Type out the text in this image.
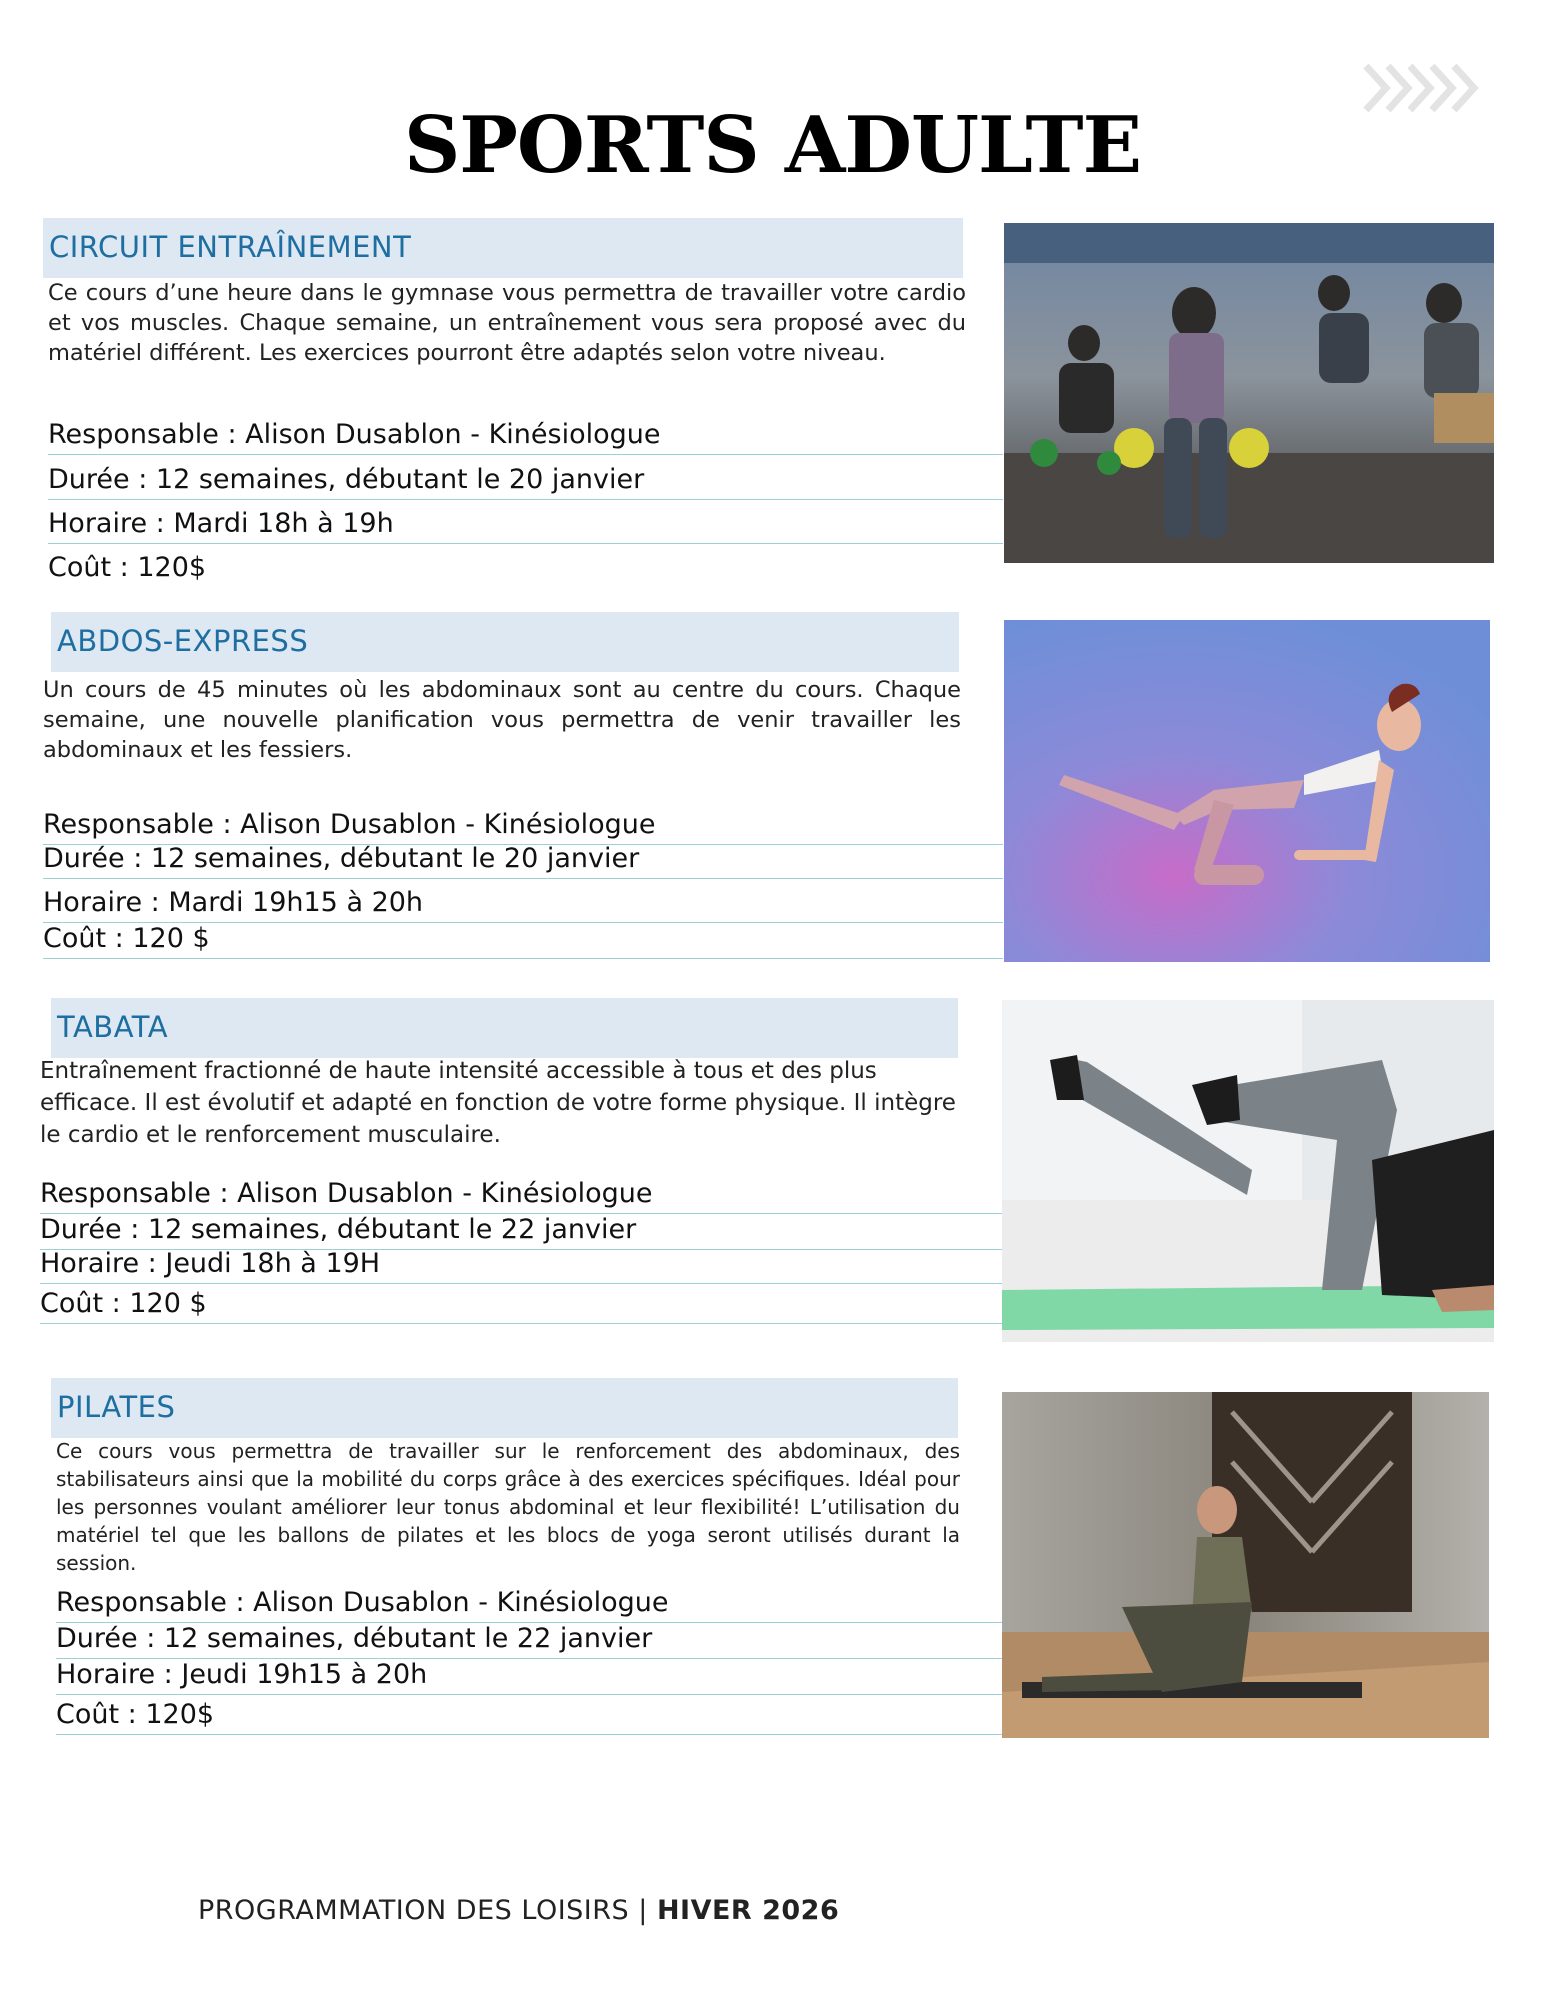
SPORTS ADULTE
CIRCUIT ENTRAÎNEMENT
Ce cours d’une heure dans le gymnase vous permettra de travailler votre cardio et vos muscles. Chaque semaine, un entraînement vous sera proposé avec du matériel différent. Les exercices pourront être adaptés selon votre niveau.
Responsable : Alison Dusablon - Kinésiologue
Durée : 12 semaines, débutant le 20 janvier
Horaire : Mardi 18h à 19h
Coût : 120$
ABDOS-EXPRESS
Un cours de 45 minutes où les abdominaux sont au centre du cours. Chaque semaine, une nouvelle planification vous permettra de venir travailler les abdominaux et les fessiers.
Responsable : Alison Dusablon - Kinésiologue
Durée : 12 semaines, débutant le 20 janvier
Horaire : Mardi 19h15 à 20h
Coût : 120 $
TABATA
Entraînement fractionné de haute intensité accessible à tous et des plus efficace. Il est évolutif et adapté en fonction de votre forme physique. Il intègre le cardio et le renforcement musculaire.
Responsable : Alison Dusablon - Kinésiologue
Durée : 12 semaines, débutant le 22 janvier
Horaire : Jeudi 18h à 19H
Coût : 120 $
PILATES
Ce cours vous permettra de travailler sur le renforcement des abdominaux, des stabilisateurs ainsi que la mobilité du corps grâce à des exercices spécifiques. Idéal pour les personnes voulant améliorer leur tonus abdominal et leur flexibilité! L’utilisation du matériel tel que les ballons de pilates et les blocs de yoga seront utilisés durant la session.
Responsable : Alison Dusablon - Kinésiologue
Durée : 12 semaines, débutant le 22 janvier
Horaire : Jeudi 19h15 à 20h
Coût : 120$
PROGRAMMATION DES LOISIRS | HIVER 2026
